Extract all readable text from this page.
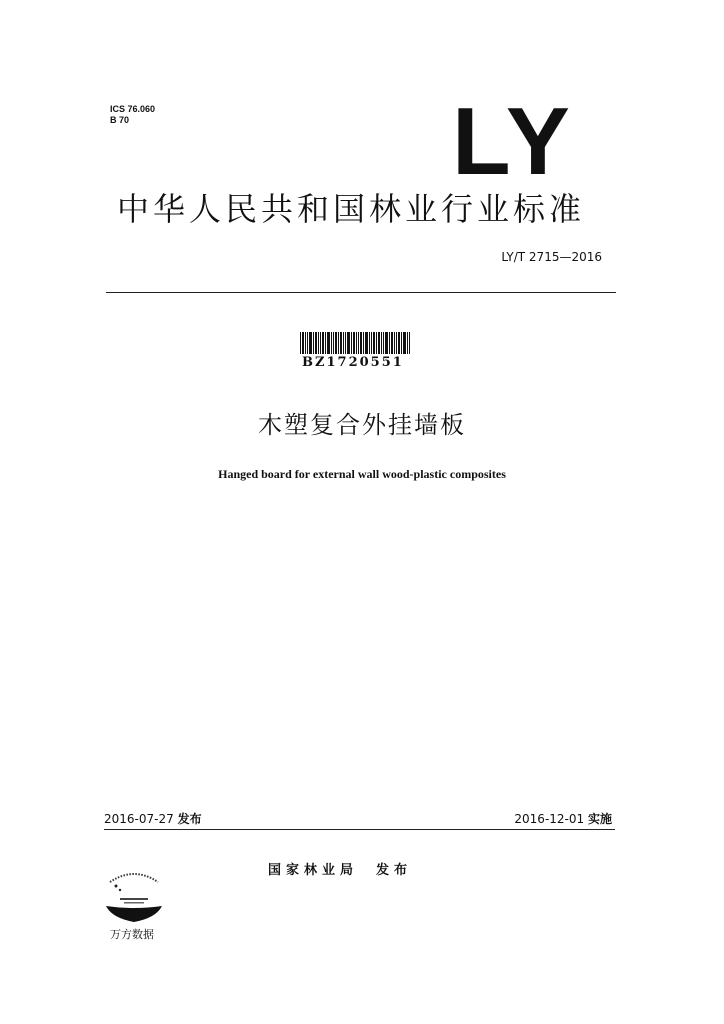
ICS 76.060
B 70	LY
中华人民共和国林业行业标准
LY/T 2715—2016
BZ1720551
木塑复合外挂墙板
Hanged board for external wall wood-plastic composites
2016-07-27 发布	2016-12-01 实施
国家林业局 发布
万方数据
